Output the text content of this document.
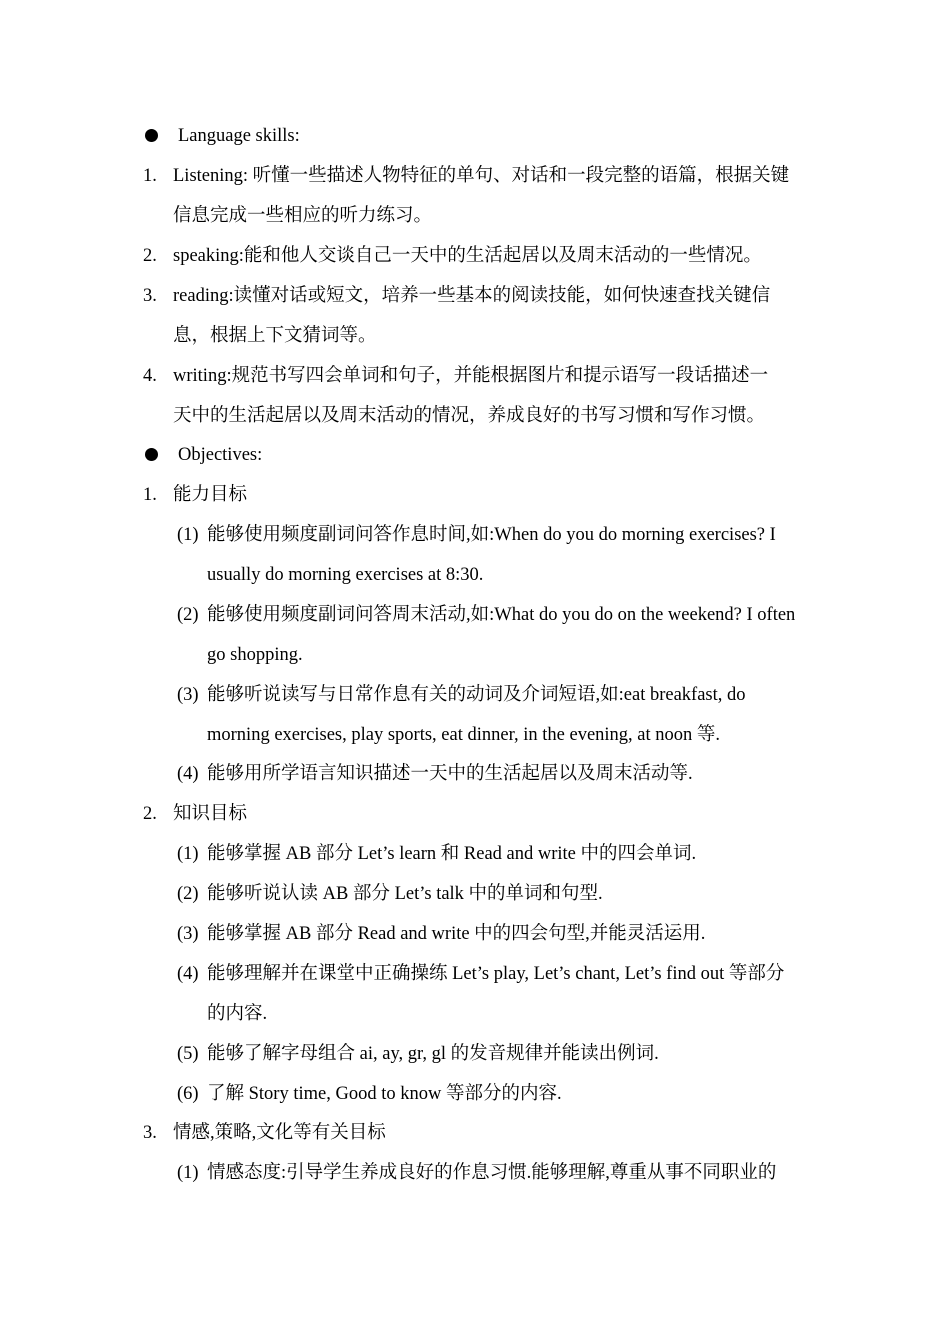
Language skills:
1. Listening: 听懂一些描述人物特征的单句、对话和一段完整的语篇，根据关键
信息完成一些相应的听力练习。
2. speaking:能和他人交谈自己一天中的生活起居以及周末活动的一些情况。
3. reading:读懂对话或短文，培养一些基本的阅读技能，如何快速查找关键信
息，根据上下文猜词等。
4. writing:规范书写四会单词和句子，并能根据图片和提示语写一段话描述一
天中的生活起居以及周末活动的情况，养成良好的书写习惯和写作习惯。
Objectives:
1. 能力目标
(1) 能够使用频度副词问答作息时间,如:When do you do morning exercises? I
usually do morning exercises at 8:30.
(2) 能够使用频度副词问答周末活动,如:What do you do on the weekend? I often
go shopping.
(3) 能够听说读写与日常作息有关的动词及介词短语,如:eat breakfast, do
morning exercises, play sports, eat dinner, in the evening, at noon 等.
(4) 能够用所学语言知识描述一天中的生活起居以及周末活动等.
2. 知识目标
(1) 能够掌握 AB 部分 Let’s learn 和 Read and write 中的四会单词.
(2) 能够听说认读 AB 部分 Let’s talk 中的单词和句型.
(3) 能够掌握 AB 部分 Read and write 中的四会句型,并能灵活运用.
(4) 能够理解并在课堂中正确操练 Let’s play, Let’s chant, Let’s find out 等部分
的内容.
(5) 能够了解字母组合 ai, ay, gr, gl 的发音规律并能读出例词.
(6) 了解 Story time, Good to know 等部分的内容.
3. 情感,策略,文化等有关目标
(1) 情感态度:引导学生养成良好的作息习惯.能够理解,尊重从事不同职业的
